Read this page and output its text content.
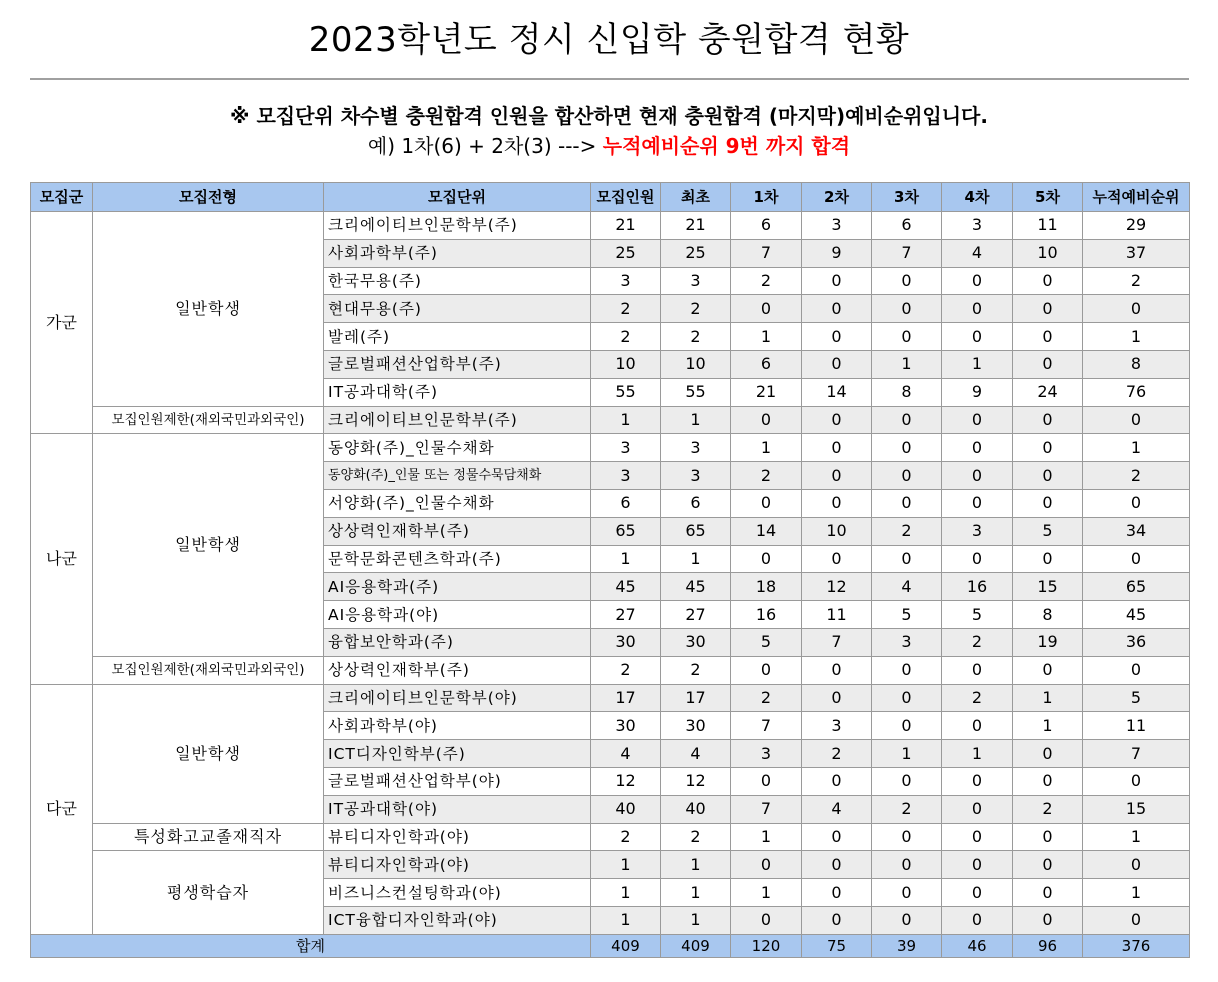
2023학년도 정시 신입학 충원합격 현황
※ 모집단위 차수별 충원합격 인원을 합산하면 현재 충원합격 (마지막)예비순위입니다.
예) 1차(6) + 2차(3) ---> 누적예비순위 9번 까지 합격
모집군	모집전형	모집단위	모집인원	최초	1차	2차	3차	4차	5차	누적예비순위
가군	일반학생	크리에이티브인문학부(주)	21	21	6	3	6	3	11	29
		사회과학부(주)	25	25	7	9	7	4	10	37
		한국무용(주)	3	3	2	0	0	0	0	2
		현대무용(주)	2	2	0	0	0	0	0	0
		발레(주)	2	2	1	0	0	0	0	1
		글로벌패션산업학부(주)	10	10	6	0	1	1	0	8
		IT공과대학(주)	55	55	21	14	8	9	24	76
	모집인원제한(재외국민과외국인)	크리에이티브인문학부(주)	1	1	0	0	0	0	0	0
나군	일반학생	동양화(주)_인물수채화	3	3	1	0	0	0	0	1
		동양화(주)_인물 또는 정물수묵담채화	3	3	2	0	0	0	0	2
		서양화(주)_인물수채화	6	6	0	0	0	0	0	0
		상상력인재학부(주)	65	65	14	10	2	3	5	34
		문학문화콘텐츠학과(주)	1	1	0	0	0	0	0	0
		AI응용학과(주)	45	45	18	12	4	16	15	65
		AI응용학과(야)	27	27	16	11	5	5	8	45
		융합보안학과(주)	30	30	5	7	3	2	19	36
	모집인원제한(재외국민과외국인)	상상력인재학부(주)	2	2	0	0	0	0	0	0
다군	일반학생	크리에이티브인문학부(야)	17	17	2	0	0	2	1	5
		사회과학부(야)	30	30	7	3	0	0	1	11
		ICT디자인학부(주)	4	4	3	2	1	1	0	7
		글로벌패션산업학부(야)	12	12	0	0	0	0	0	0
		IT공과대학(야)	40	40	7	4	2	0	2	15
	특성화고교졸재직자	뷰티디자인학과(야)	2	2	1	0	0	0	0	1
	평생학습자	뷰티디자인학과(야)	1	1	0	0	0	0	0	0
		비즈니스컨설팅학과(야)	1	1	1	0	0	0	0	1
		ICT융합디자인학과(야)	1	1	0	0	0	0	0	0
합계			409	409	120	75	39	46	96	376
